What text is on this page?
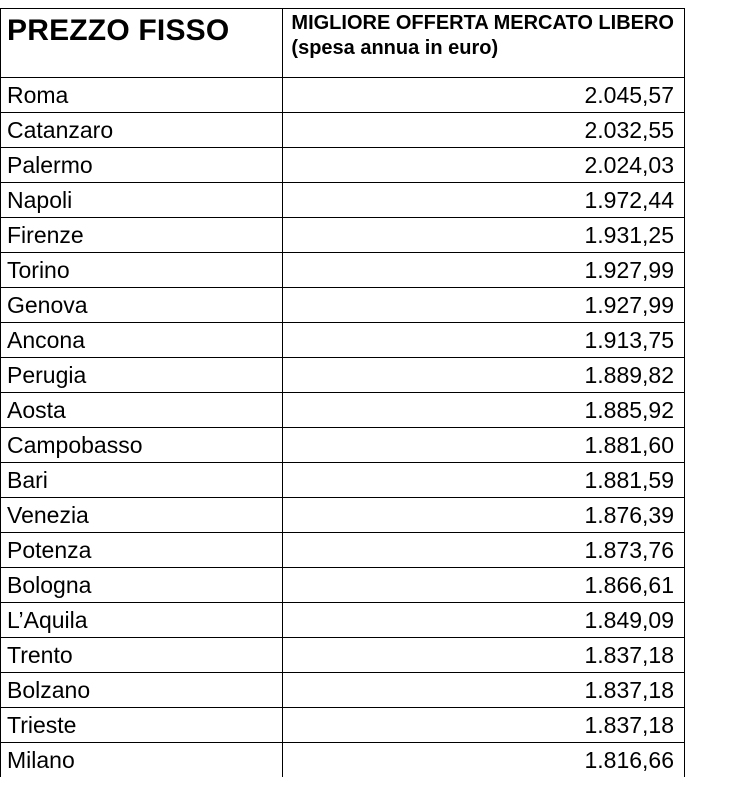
PREZZO FISSO	MIGLIORE OFFERTA MERCATO LIBERO (spesa annua in euro)

Roma	2.045,57
Catanzaro	2.032,55
Palermo	2.024,03
Napoli	1.972,44
Firenze	1.931,25
Torino	1.927,99
Genova	1.927,99
Ancona	1.913,75
Perugia	1.889,82
Aosta	1.885,92
Campobasso	1.881,60
Bari	1.881,59
Venezia	1.876,39
Potenza	1.873,76
Bologna	1.866,61
L’Aquila	1.849,09
Trento	1.837,18
Bolzano	1.837,18
Trieste	1.837,18
Milano	1.816,66
